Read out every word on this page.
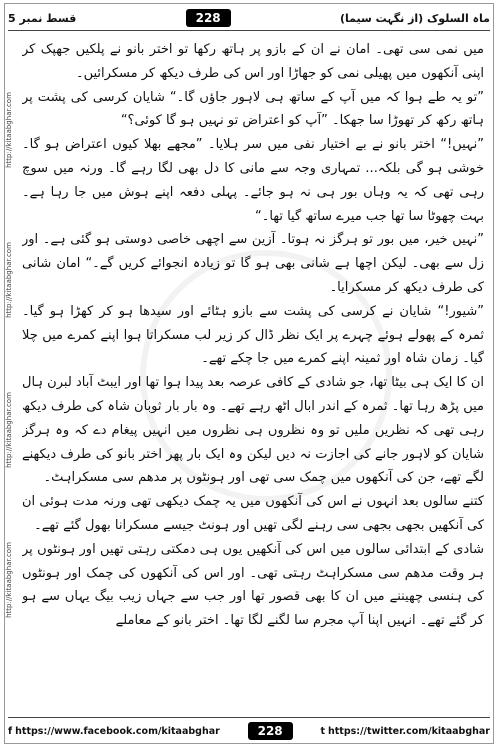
قسط نمبر 5	228	ماہ السلوک (از نگہت سیما)
http://kitaabghar.com
http://kitaabghar.com
http://kitaabghar.com
http://kitaabghar.com

میں نمی سی تھی۔ امان نے ان کے بازو پر ہاتھ رکھا تو اختر بانو نے پلکیں جھپک کر اپنی آنکھوں میں پھیلی نمی کو جھاڑا اور اس کی طرف دیکھ کر مسکرائیں۔

”تو یہ طے ہوا کہ میں آپ کے ساتھ ہی لاہور جاؤں گا۔“ شایان کرسی کی پشت پر ہاتھ رکھ کر تھوڑا سا جھکا۔ ”آپ کو اعتراض تو نہیں ہو گا کوئی؟“

”نہیں!“ اختر بانو نے بے اختیار نفی میں سر ہلایا۔ ”مجھے بھلا کیوں اعتراض ہو گا۔ خوشی ہو گی بلکہ... تمہاری وجہ سے مانی کا دل بھی لگا رہے گا۔ ورنہ میں سوچ رہی تھی کہ یہ وہاں بور ہی نہ ہو جائے۔ پہلی دفعہ اپنے ہوش میں جا رہا ہے۔ بہت چھوٹا سا تھا جب میرے ساتھ گیا تھا۔“

”نہیں خیر، میں بور تو ہرگز نہ ہوتا۔ آزین سے اچھی خاصی دوستی ہو گئی ہے۔ اور زل سے بھی۔ لیکن اچھا ہے شانی بھی ہو گا تو زیادہ انجوائے کریں گے۔“ امان شانی کی طرف دیکھ کر مسکرایا۔

”شیور!“ شایان نے کرسی کی پشت سے بازو ہٹائے اور سیدھا ہو کر کھڑا ہو گیا۔ ثمرہ کے پھولے ہوئے چہرے پر ایک نظر ڈال کر زیر لب مسکراتا ہوا اپنے کمرے میں چلا گیا۔ زمان شاہ اور ثمینہ اپنے کمرے میں جا چکے تھے۔

ان کا ایک ہی بیٹا تھا، جو شادی کے کافی عرصہ بعد پیدا ہوا تھا اور ایبٹ آباد لبرن ہال میں پڑھ رہا تھا۔ ثمرہ کے اندر ابال اٹھ رہے تھے۔ وہ بار بار ثوبان شاہ کی طرف دیکھ رہی تھی کہ نظریں ملیں تو وہ نظروں ہی نظروں میں انہیں پیغام دے کہ وہ ہرگز شایان کو لاہور جانے کی اجازت نہ دیں لیکن وہ ایک بار پھر اختر بانو کی طرف دیکھنے لگے تھے، جن کی آنکھوں میں چمک سی تھی اور ہونٹوں پر مدھم سی مسکراہٹ۔

کتنے سالوں بعد انہوں نے اس کی آنکھوں میں یہ چمک دیکھی تھی ورنہ مدت ہوئی ان کی آنکھیں بجھی بجھی سی رہنے لگی تھیں اور ہونٹ جیسے مسکرانا بھول گئے تھے۔

شادی کے ابتدائی سالوں میں اس کی آنکھیں یوں ہی دمکتی رہتی تھیں اور ہونٹوں پر ہر وقت مدھم سی مسکراہٹ رہتی تھی۔ اور اس کی آنکھوں کی چمک اور ہونٹوں کی ہنسی چھیننے میں ان کا بھی قصور تھا اور جب سے جہاں زیب بیگ یہاں سے ہو کر گئے تھے۔ انہیں اپنا آپ مجرم سا لگنے لگا تھا۔ اختر بانو کے معاملے

f https://www.facebook.com/kitaabghar	228	t https://twitter.com/kitaabghar
